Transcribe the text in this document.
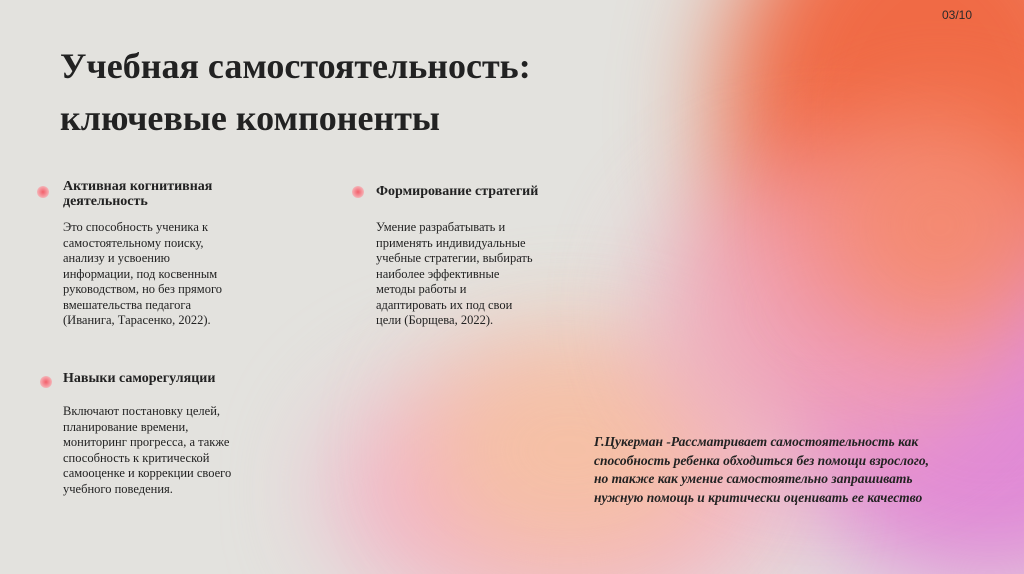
03/10
Учебная самостоятельность:
ключевые компоненты

Активная когнитивная
деятельность

Это способность ученика к
самостоятельному поиску,
анализу и усвоению
информации, под косвенным
руководством, но без прямого
вмешательства педагога
(Иванига, Тарасенко, 2022).

Формирование стратегий

Умение разрабатывать и
применять индивидуальные
учебные стратегии, выбирать
наиболее эффективные
методы работы и
адаптировать их под свои
цели (Борщева, 2022).

Навыки саморегуляции

Включают постановку целей,
планирование времени,
мониторинг прогресса, а также
способность к критической
самооценке и коррекции своего
учебного поведения.

Г.Цукерман -Рассматривает самостоятельность как
способность ребенка обходиться без помощи взрослого,
но также как умение самостоятельно запрашивать
нужную помощь и критически оценивать ее качество
